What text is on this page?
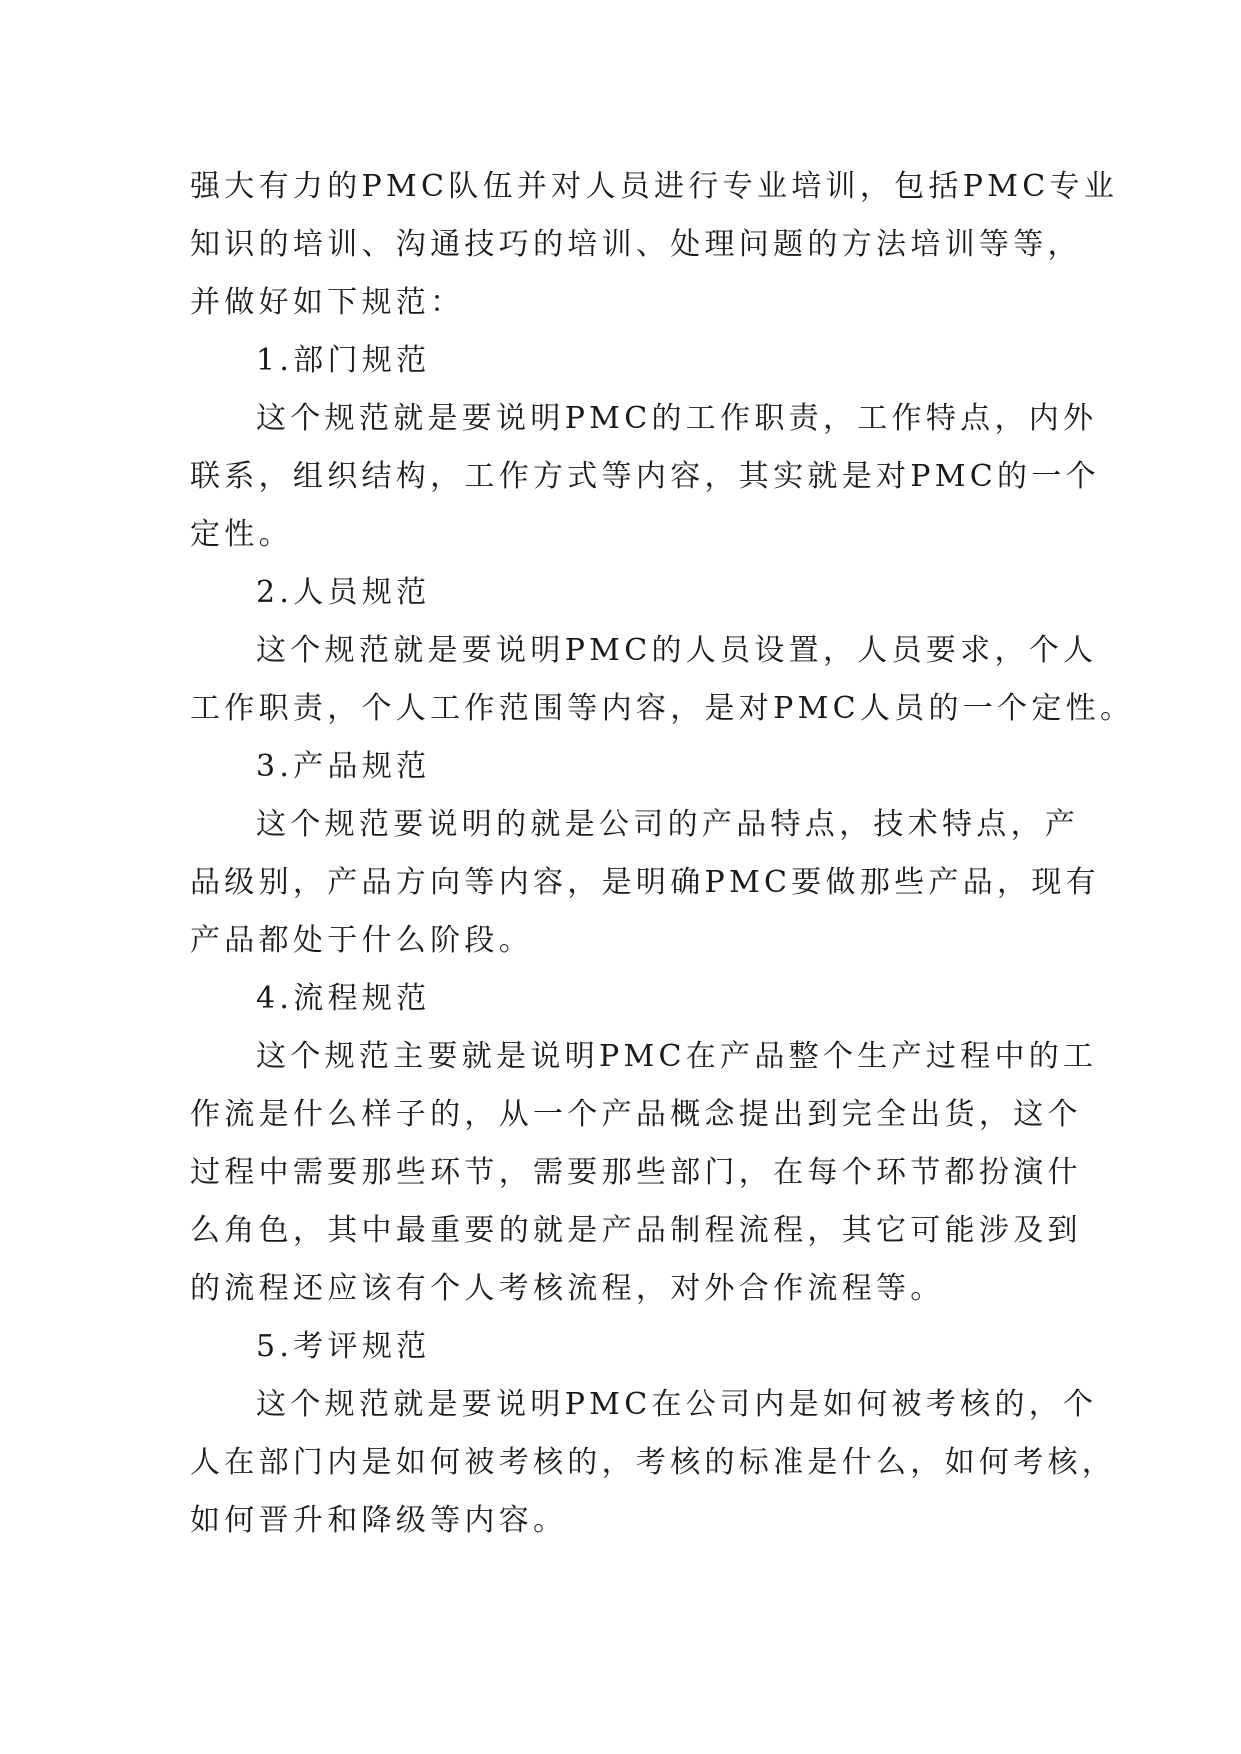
强大有力的PMC队伍并对人员进行专业培训，包括PMC专业
知识的培训、沟通技巧的培训、处理问题的方法培训等等，
并做好如下规范：
1.部门规范
这个规范就是要说明PMC的工作职责，工作特点，内外
联系，组织结构，工作方式等内容，其实就是对PMC的一个
定性。
2.人员规范
这个规范就是要说明PMC的人员设置，人员要求，个人
工作职责，个人工作范围等内容，是对PMC人员的一个定性。
3.产品规范
这个规范要说明的就是公司的产品特点，技术特点，产
品级别，产品方向等内容，是明确PMC要做那些产品，现有
产品都处于什么阶段。
4.流程规范
这个规范主要就是说明PMC在产品整个生产过程中的工
作流是什么样子的，从一个产品概念提出到完全出货，这个
过程中需要那些环节，需要那些部门，在每个环节都扮演什
么角色，其中最重要的就是产品制程流程，其它可能涉及到
的流程还应该有个人考核流程，对外合作流程等。
5.考评规范
这个规范就是要说明PMC在公司内是如何被考核的，个
人在部门内是如何被考核的，考核的标准是什么，如何考核，
如何晋升和降级等内容。
